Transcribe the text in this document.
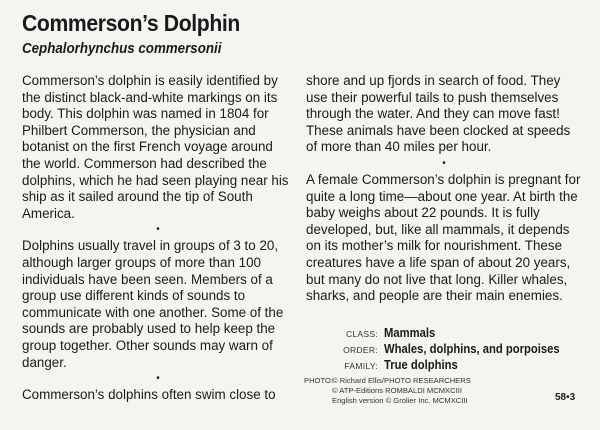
Commerson’s Dolphin
Cephalorhynchus commersonii

Commerson’s dolphin is easily identified by the distinct black-and-white markings on its body. This dolphin was named in 1804 for Philbert Commerson, the physician and botanist on the first French voyage around the world. Commerson had described the dolphins, which he had seen playing near his ship as it sailed around the tip of South America.

•

Dolphins usually travel in groups of 3 to 20, although larger groups of more than 100 individuals have been seen. Members of a group use different kinds of sounds to communicate with one another. Some of the sounds are probably used to help keep the group together. Other sounds may warn of danger.

•

Commerson’s dolphins often swim close to

shore and up fjords in search of food. They use their powerful tails to push themselves through the water. And they can move fast! These animals have been clocked at speeds of more than 40 miles per hour.

•

A female Commerson’s dolphin is pregnant for quite a long time—about one year. At birth the baby weighs about 22 pounds. It is fully developed, but, like all mammals, it depends on its mother’s milk for nourishment. These creatures have a life span of about 20 years, but many do not live that long. Killer whales, sharks, and people are their main enemies.

CLASS: Mammals
ORDER: Whales, dolphins, and porpoises
FAMILY: True dolphins
PHOTO: © Richard Ellis/PHOTO RESEARCHERS
© ATP-Editions ROMBALDI MCMXCIII
English version © Grolier Inc. MCMXCIII	58•3
